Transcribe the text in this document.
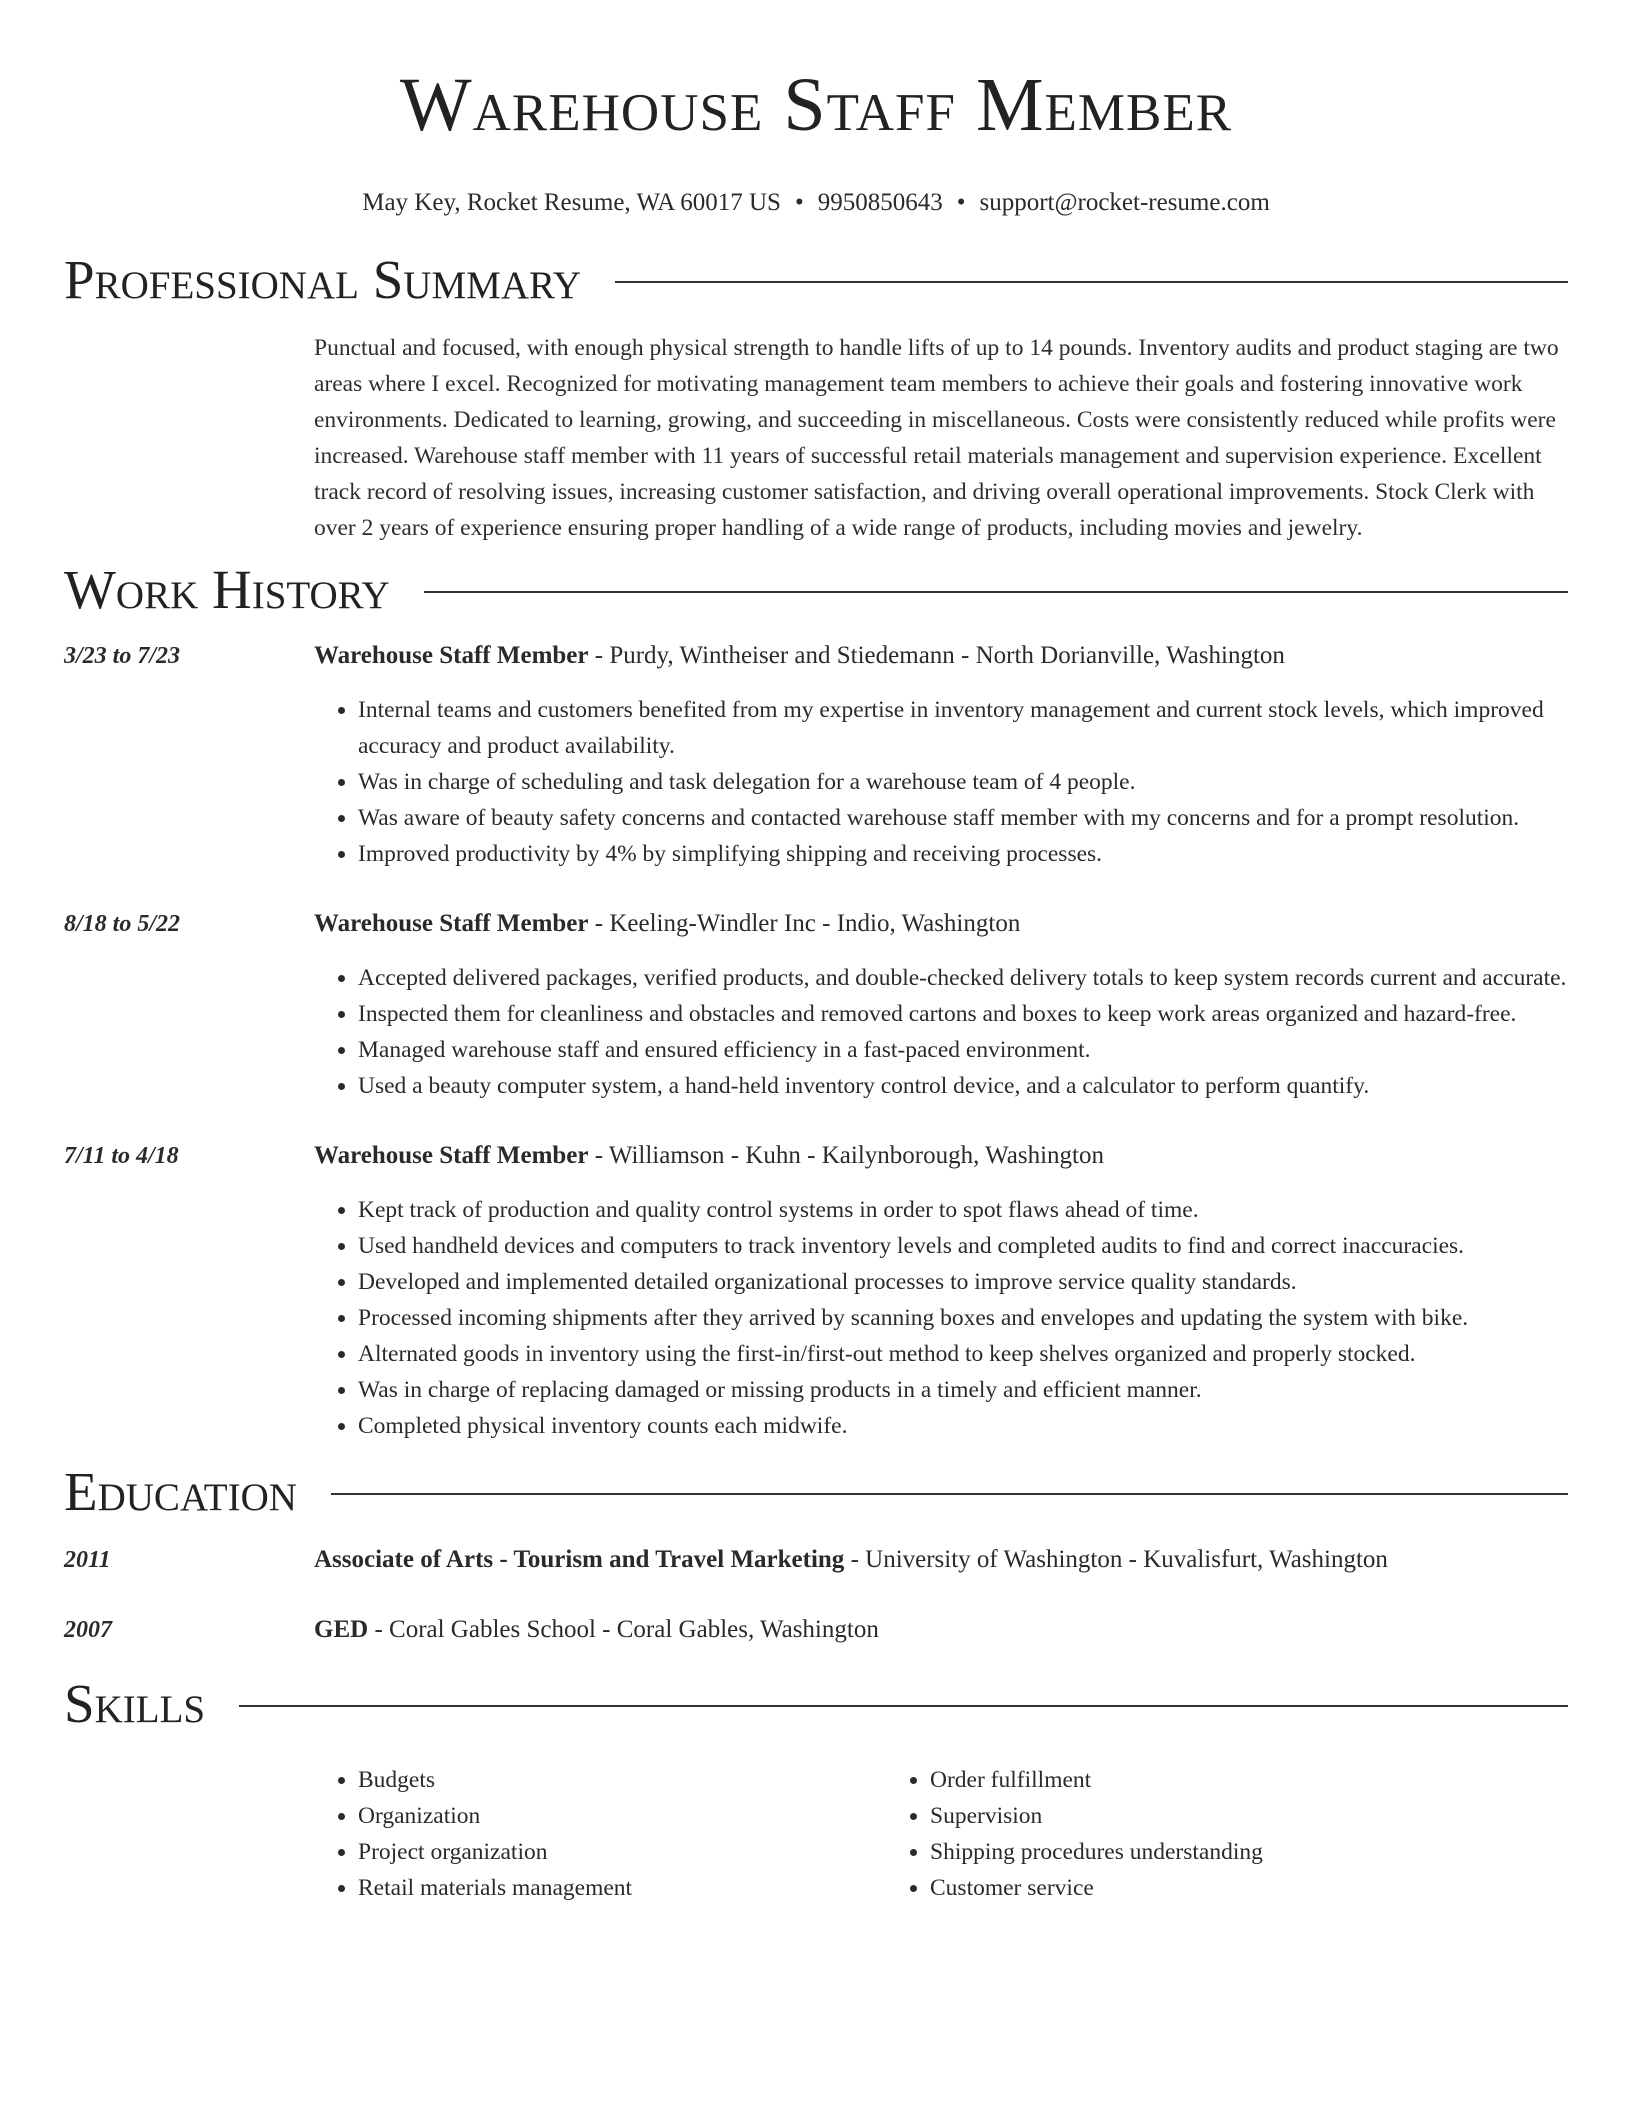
Warehouse Staff Member
May Key, Rocket Resume, WA 60017 US • 9950850643 • support@rocket-resume.com
Professional Summary
Punctual and focused, with enough physical strength to handle lifts of up to 14 pounds. Inventory audits and product staging are two areas where I excel. Recognized for motivating management team members to achieve their goals and fostering innovative work environments. Dedicated to learning, growing, and succeeding in miscellaneous. Costs were consistently reduced while profits were increased. Warehouse staff member with 11 years of successful retail materials management and supervision experience. Excellent track record of resolving issues, increasing customer satisfaction, and driving overall operational improvements. Stock Clerk with over 2 years of experience ensuring proper handling of a wide range of products, including movies and jewelry.
Work History
3/23 to 7/23	Warehouse Staff Member - Purdy, Wintheiser and Stiedemann - North Dorianville, Washington
• Internal teams and customers benefited from my expertise in inventory management and current stock levels, which improved accuracy and product availability.
• Was in charge of scheduling and task delegation for a warehouse team of 4 people.
• Was aware of beauty safety concerns and contacted warehouse staff member with my concerns and for a prompt resolution.
• Improved productivity by 4% by simplifying shipping and receiving processes.
8/18 to 5/22	Warehouse Staff Member - Keeling-Windler Inc - Indio, Washington
• Accepted delivered packages, verified products, and double-checked delivery totals to keep system records current and accurate.
• Inspected them for cleanliness and obstacles and removed cartons and boxes to keep work areas organized and hazard-free.
• Managed warehouse staff and ensured efficiency in a fast-paced environment.
• Used a beauty computer system, a hand-held inventory control device, and a calculator to perform quantify.
7/11 to 4/18	Warehouse Staff Member - Williamson - Kuhn - Kailynborough, Washington
• Kept track of production and quality control systems in order to spot flaws ahead of time.
• Used handheld devices and computers to track inventory levels and completed audits to find and correct inaccuracies.
• Developed and implemented detailed organizational processes to improve service quality standards.
• Processed incoming shipments after they arrived by scanning boxes and envelopes and updating the system with bike.
• Alternated goods in inventory using the first-in/first-out method to keep shelves organized and properly stocked.
• Was in charge of replacing damaged or missing products in a timely and efficient manner.
• Completed physical inventory counts each midwife.
Education
2011	Associate of Arts - Tourism and Travel Marketing - University of Washington - Kuvalisfurt, Washington
2007	GED - Coral Gables School - Coral Gables, Washington
Skills
• Budgets
• Organization
• Project organization
• Retail materials management
• Order fulfillment
• Supervision
• Shipping procedures understanding
• Customer service
